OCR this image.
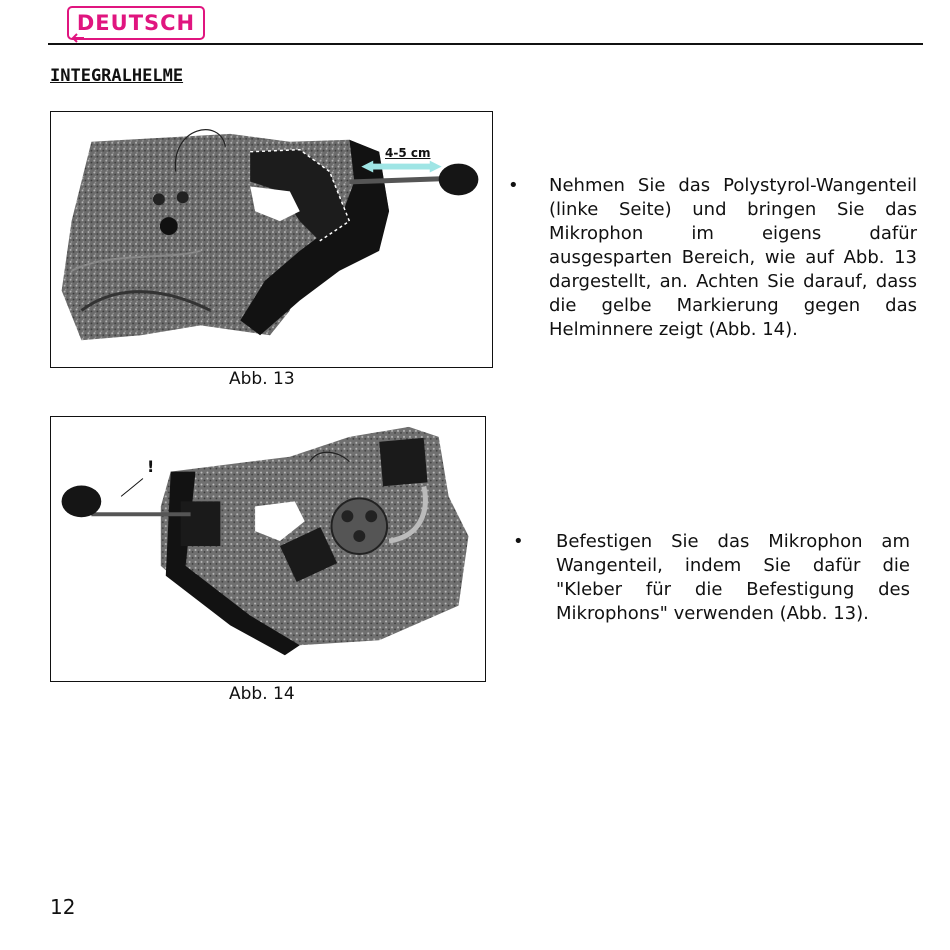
DEUTSCH
INTEGRALHELME
4-5 cm
Abb. 13
!
Abb. 14
• Nehmen Sie das Polystyrol-Wangenteil (linke Seite) und bringen Sie das Mikrophon im eigens dafür ausgesparten Bereich, wie auf Abb. 13 dargestellt, an. Achten Sie darauf, dass die gelbe Markierung gegen das Helminnere zeigt (Abb. 14).

• Befestigen Sie das Mikrophon am Wangenteil, indem Sie dafür die "Kleber für die Befestigung des Mikrophons" verwenden (Abb. 13).

12
